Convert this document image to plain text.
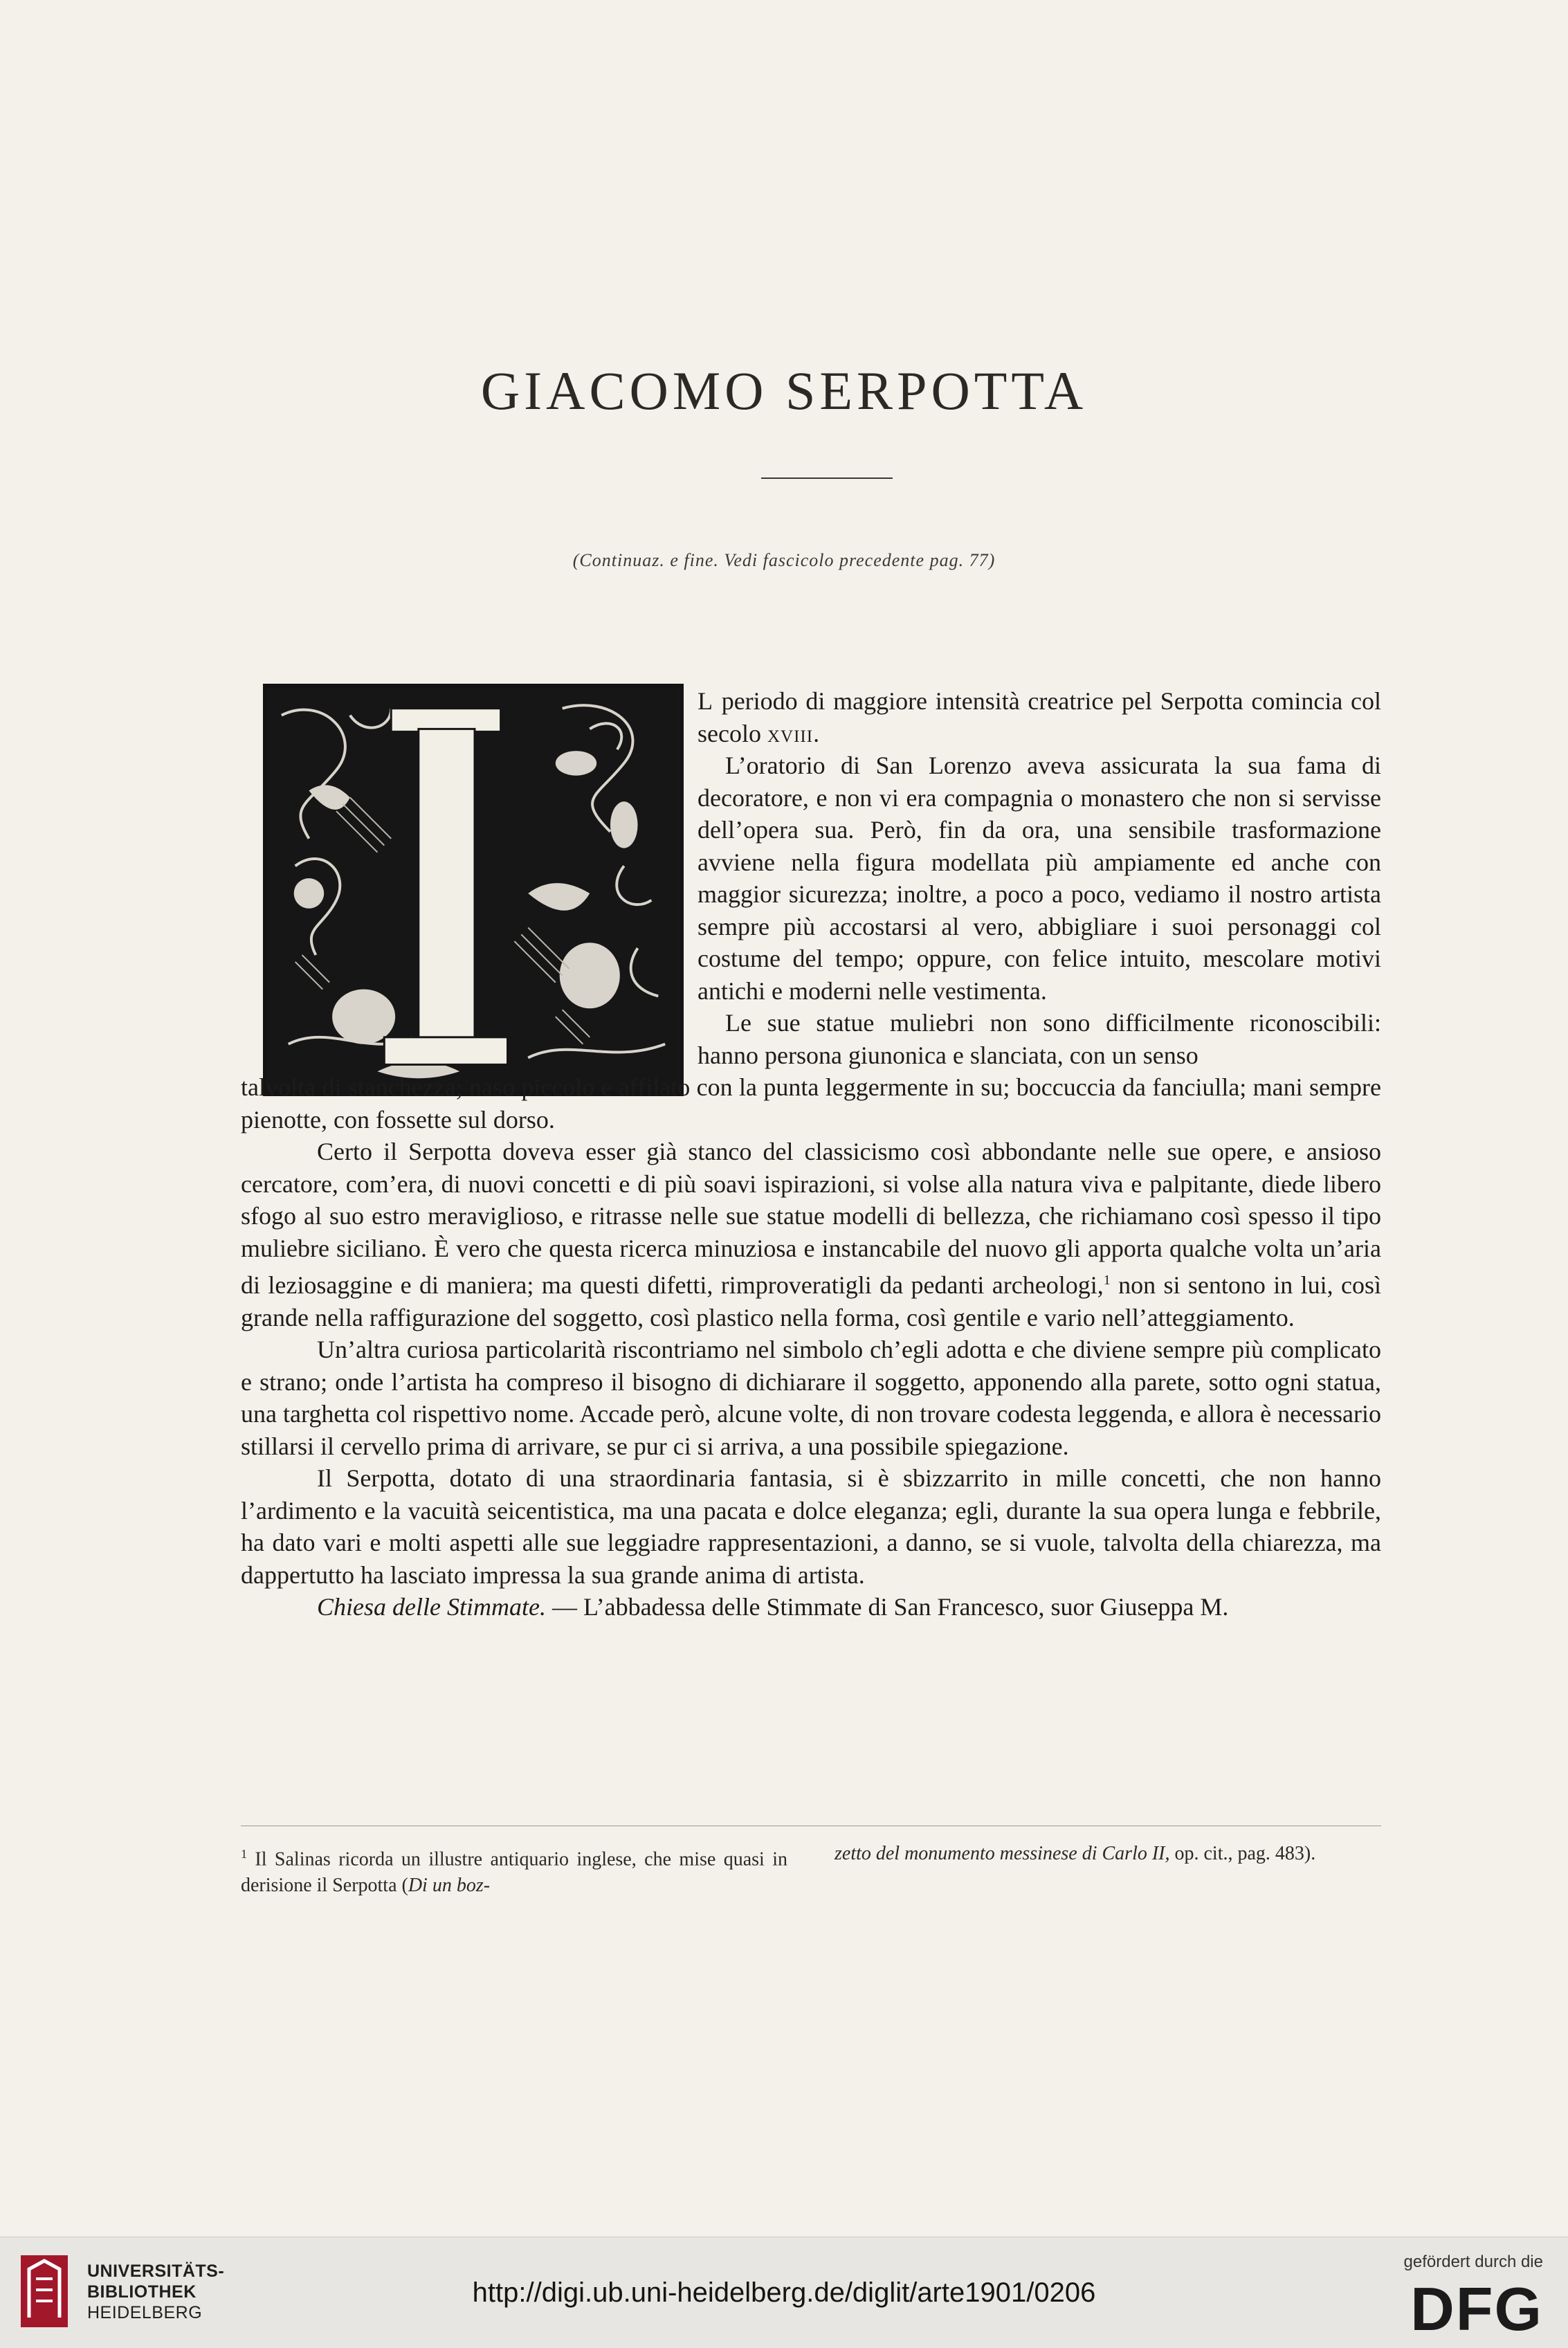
GIACOMO SERPOTTA
(Continuaz. e fine. Vedi fascicolo precedente pag. 77)

L periodo di maggiore intensità creatrice pel Serpotta comincia col secolo xviii.

L’oratorio di San Lorenzo aveva assicurata la sua fama di decoratore, e non vi era compagnia o monastero che non si servisse dell’opera sua. Però, fin da ora, una sensibile trasformazione avviene nella figura modellata più ampiamente ed anche con maggior sicurezza; inoltre, a poco a poco, vediamo il nostro artista sempre più accostarsi al vero, abbigliare i suoi personaggi col costume del tempo; oppure, con felice intuito, mescolare motivi antichi e moderni nelle vestimenta.

Le sue statue muliebri non sono difficilmente riconoscibili: hanno persona giunonica e slanciata, con un senso

talvolta di stanchezza; naso piccolo e affilato con la punta leggermente in su; boccuccia da fanciulla; mani sempre pienotte, con fossette sul dorso.

Certo il Serpotta doveva esser già stanco del classicismo così abbondante nelle sue opere, e ansioso cercatore, com’era, di nuovi concetti e di più soavi ispirazioni, si volse alla natura viva e palpitante, diede libero sfogo al suo estro meraviglioso, e ritrasse nelle sue statue modelli di bellezza, che richiamano così spesso il tipo muliebre siciliano. È vero che questa ricerca minuziosa e instancabile del nuovo gli apporta qualche volta un’aria di leziosaggine e di maniera; ma questi difetti, rimproveratigli da pedanti archeologi,$^1$ non si sentono in lui, così grande nella raffigurazione del soggetto, così plastico nella forma, così gentile e vario nell’atteggiamento.

Un’altra curiosa particolarità riscontriamo nel simbolo ch’egli adotta e che diviene sempre più complicato e strano; onde l’artista ha compreso il bisogno di dichiarare il soggetto, apponendo alla parete, sotto ogni statua, una targhetta col rispettivo nome. Accade però, alcune volte, di non trovare codesta leggenda, e allora è necessario stillarsi il cervello prima di arrivare, se pur ci si arriva, a una possibile spiegazione.

Il Serpotta, dotato di una straordinaria fantasia, si è sbizzarrito in mille concetti, che non hanno l’ardimento e la vacuità seicentistica, ma una pacata e dolce eleganza; egli, durante la sua opera lunga e febbrile, ha dato vari e molti aspetti alle sue leggiadre rappresentazioni, a danno, se si vuole, talvolta della chiarezza, ma dappertutto ha lasciato impressa la sua grande anima di artista.

Chiesa delle Stimmate. — L’abbadessa delle Stimmate di San Francesco, suor Giuseppa M.

$^1$ Il Salinas ricorda un illustre antiquario inglese, che mise quasi in derisione il Serpotta (Di un boz-
zetto del monumento messinese di Carlo II, op. cit., pag. 483).
UNIVERSITÄTS-
BIBLIOTHEK
HEIDELBERG
http://digi.ub.uni-heidelberg.de/diglit/arte1901/0206
gefördert durch die
DFG
